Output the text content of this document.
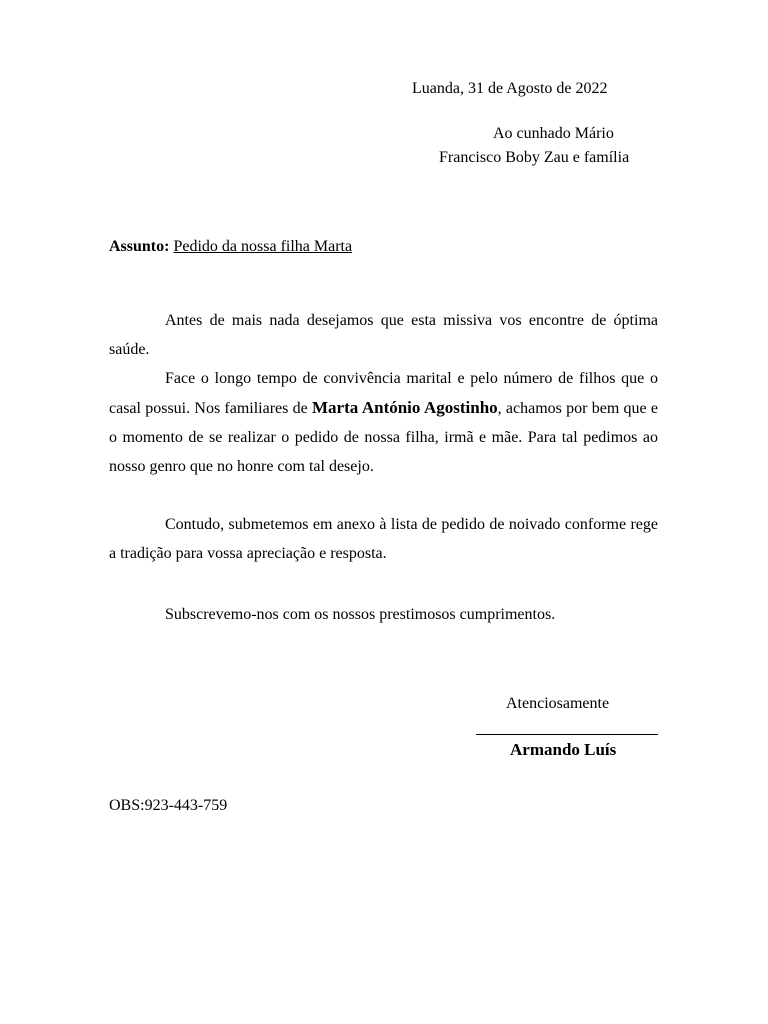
Luanda, 31 de Agosto de 2022
Ao cunhado Mário
Francisco Boby Zau e família
Assunto: Pedido da nossa filha Marta

Antes de mais nada desejamos que esta missiva vos encontre de óptima saúde.

Face o longo tempo de convivência marital e pelo número de filhos que o casal possui. Nos familiares de Marta António Agostinho, achamos por bem que e o momento de se realizar o pedido de nossa filha, irmã e mãe. Para tal pedimos ao nosso genro que no honre com tal desejo.

Contudo, submetemos em anexo à lista de pedido de noivado conforme rege a tradição para vossa apreciação e resposta.

Subscrevemo-nos com os nossos prestimosos cumprimentos.

Atenciosamente
Armando Luís
OBS:923-443-759
